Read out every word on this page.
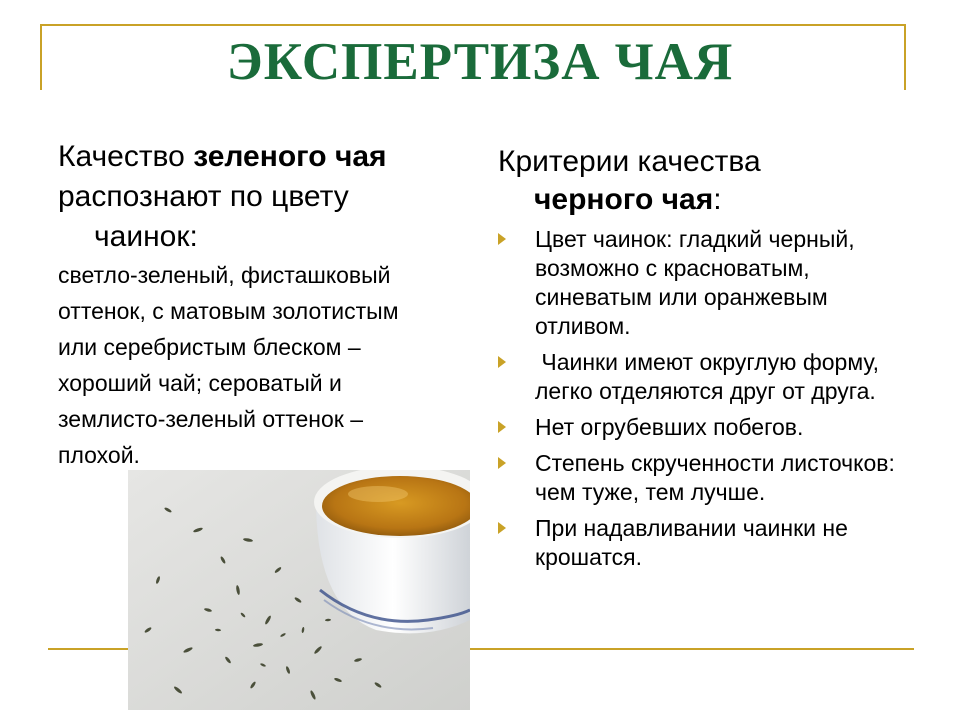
ЭКСПЕРТИЗА ЧАЯ

Качество зеленого чая

распознают по цвету

чаинок:

светло-зеленый, фисташковый

оттенок, с матовым золотистым

или серебристым блеском –

хороший чай; сероватый и

землисто-зеленый оттенок –

плохой.

Критерии качества

черного чая:

Цвет чаинок: гладкий черный, возможно с красноватым, синеватым или оранжевым отливом.
Чаинки имеют округлую форму, легко отделяются друг от друга.
Нет огрубевших побегов.
Степень скрученности листочков: чем туже, тем лучше.
При надавливании чаинки не крошатся.
